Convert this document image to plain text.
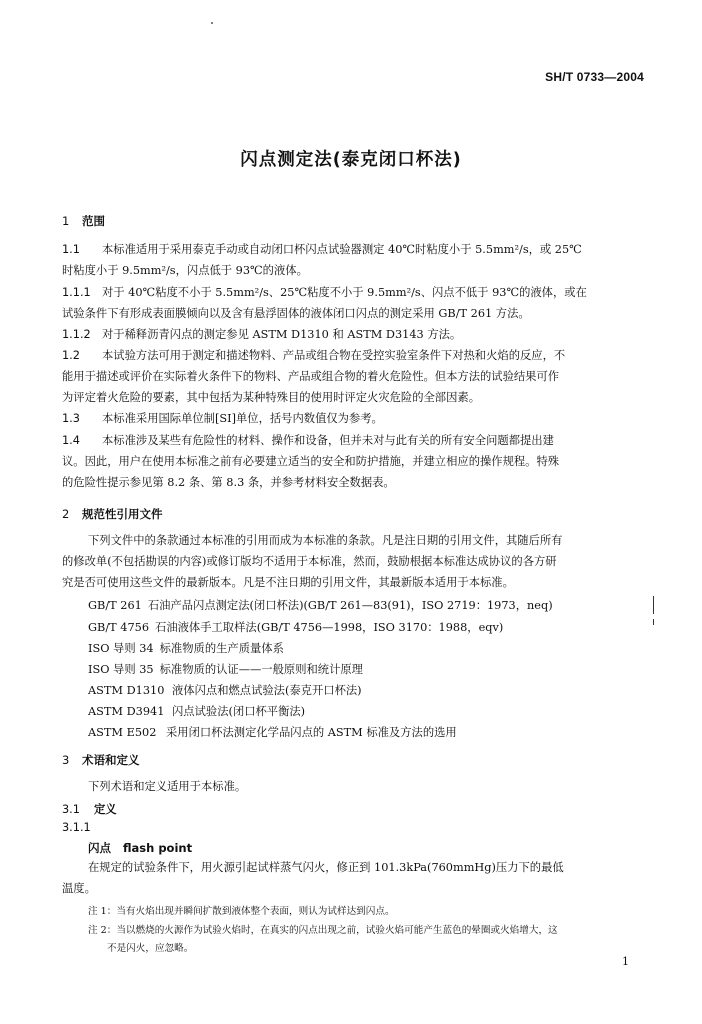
SH/T 0733—2004
闪点测定法(泰克闭口杯法)
1 范围
1.1 本标准适用于采用泰克手动或自动闭口杯闪点试验器测定 40℃时粘度小于 5.5mm²/s，或 25℃
时粘度小于 9.5mm²/s，闪点低于 93℃的液体。
1.1.1 对于 40℃粘度不小于 5.5mm²/s、25℃粘度不小于 9.5mm²/s、闪点不低于 93℃的液体，或在
试验条件下有形成表面膜倾向以及含有悬浮固体的液体闭口闪点的测定采用 GB/T 261 方法。
1.1.2 对于稀释沥青闪点的测定参见 ASTM D1310 和 ASTM D3143 方法。
1.2 本试验方法可用于测定和描述物料、产品或组合物在受控实验室条件下对热和火焰的反应，不
能用于描述或评价在实际着火条件下的物料、产品或组合物的着火危险性。但本方法的试验结果可作
为评定着火危险的要素，其中包括为某种特殊目的使用时评定火灾危险的全部因素。
1.3 本标准采用国际单位制[SI]单位，括号内数值仅为参考。
1.4 本标准涉及某些有危险性的材料、操作和设备，但并未对与此有关的所有安全问题都提出建
议。因此，用户在使用本标准之前有必要建立适当的安全和防护措施，并建立相应的操作规程。特殊
的危险性提示参见第 8.2 条、第 8.3 条，并参考材料安全数据表。
2 规范性引用文件
下列文件中的条款通过本标准的引用而成为本标准的条款。凡是注日期的引用文件，其随后所有
的修改单(不包括勘误的内容)或修订版均不适用于本标准，然而，鼓励根据本标准达成协议的各方研
究是否可使用这些文件的最新版本。凡是不注日期的引用文件，其最新版本适用于本标准。
GB/T 261 石油产品闪点测定法(闭口杯法)(GB/T 261—83(91)，ISO 2719：1973，neq)
GB/T 4756 石油液体手工取样法(GB/T 4756—1998，ISO 3170：1988，eqv)
ISO 导则 34 标准物质的生产质量体系
ISO 导则 35 标准物质的认证——一般原则和统计原理
ASTM D1310 液体闪点和燃点试验法(泰克开口杯法)
ASTM D3941 闪点试验法(闭口杯平衡法)
ASTM E502 采用闭口杯法测定化学品闪点的 ASTM 标准及方法的选用
3 术语和定义
下列术语和定义适用于本标准。
3.1 定义
3.1.1
闪点 flash point
在规定的试验条件下，用火源引起试样蒸气闪火，修正到 101.3kPa(760mmHg)压力下的最低
温度。
注 1：当有火焰出现并瞬间扩散到液体整个表面，则认为试样达到闪点。
注 2：当以燃烧的火源作为试验火焰时，在真实的闪点出现之前，试验火焰可能产生蓝色的晕圈或火焰增大，这
不是闪火，应忽略。
1
